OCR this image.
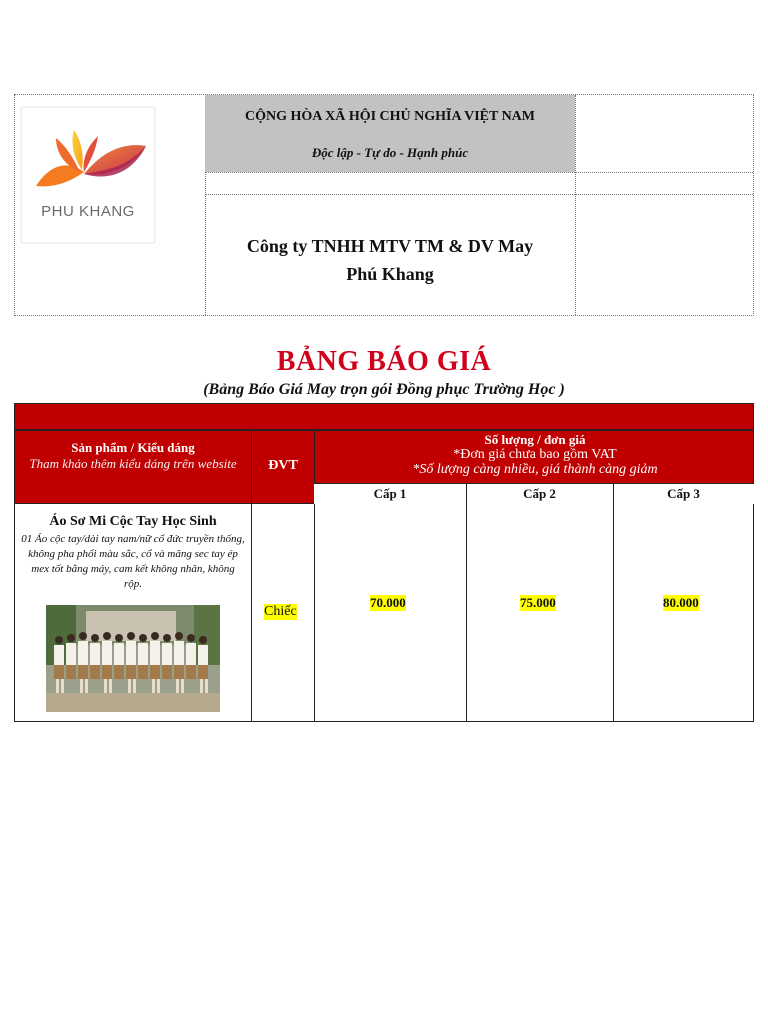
PHU KHANG
CỘNG HÒA XÃ HỘI CHỦ NGHĨA VIỆT NAM
Độc lập - Tự do - Hạnh phúc
Công ty TNHH MTV TM & DV May
Phú Khang
BẢNG BÁO GIÁ
(Bảng Báo Giá May trọn gói Đồng phục Trường Học )
Sản phẩm / Kiểu dáng
Tham khảo thêm kiểu dáng trên website	ĐVT
Số lượng / đơn giá
*Đơn giá chưa bao gồm VAT
*Số lượng càng nhiều, giá thành càng giảm
Cấp 1	Cấp 2	Cấp 3
Áo Sơ Mi Cộc Tay Học Sinh
01 Áo cộc tay/dài tay nam/nữ cổ đức truyền thống, không pha phối màu sắc, cổ và măng sec tay ép mex tốt bằng máy, cam kết không nhăn, không rộp.
Chiếc
70.000	75.000	80.000
